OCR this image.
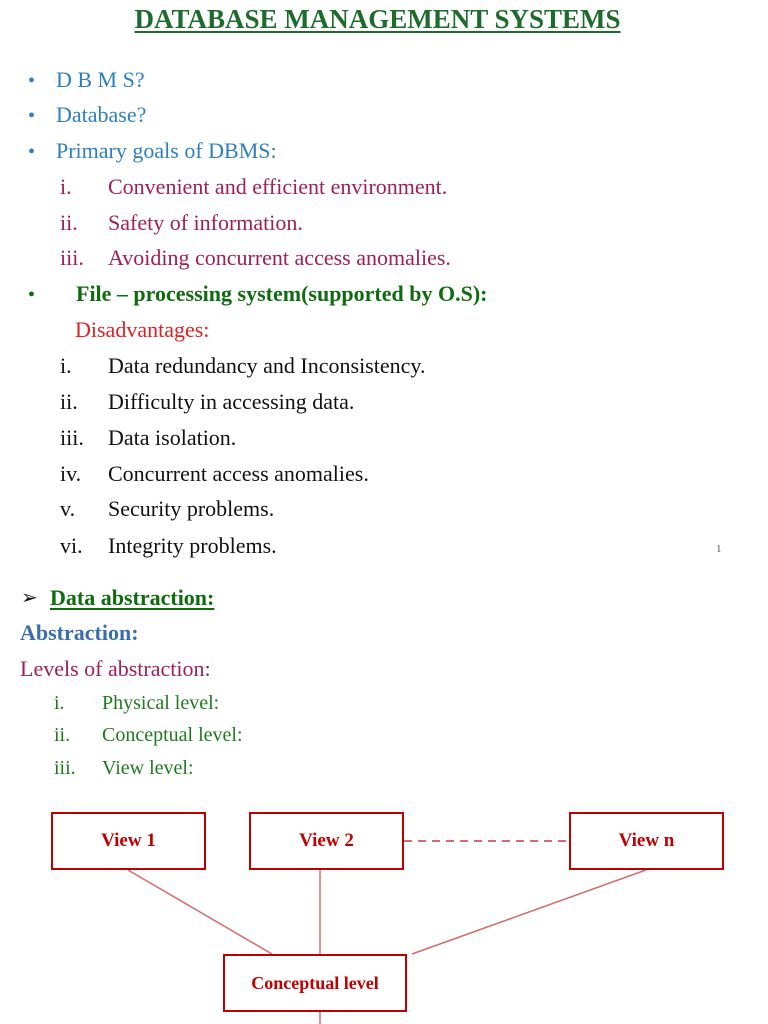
DATABASE MANAGEMENT SYSTEMS
• D B M S?
• Database?
• Primary goals of DBMS:
i. Convenient and efficient environment.
ii. Safety of information.
iii. Avoiding concurrent access anomalies.
• File – processing system(supported by O.S):
Disadvantages:
i. Data redundancy and Inconsistency.
ii. Difficulty in accessing data.
iii. Data isolation.
iv. Concurrent access anomalies.
v. Security problems.
vi. Integrity problems.	1
➢ Data abstraction:
Abstraction:
Levels of abstraction:
i. Physical level:
ii. Conceptual level:
iii. View level:
View 1	View 2	View n
Conceptual level
